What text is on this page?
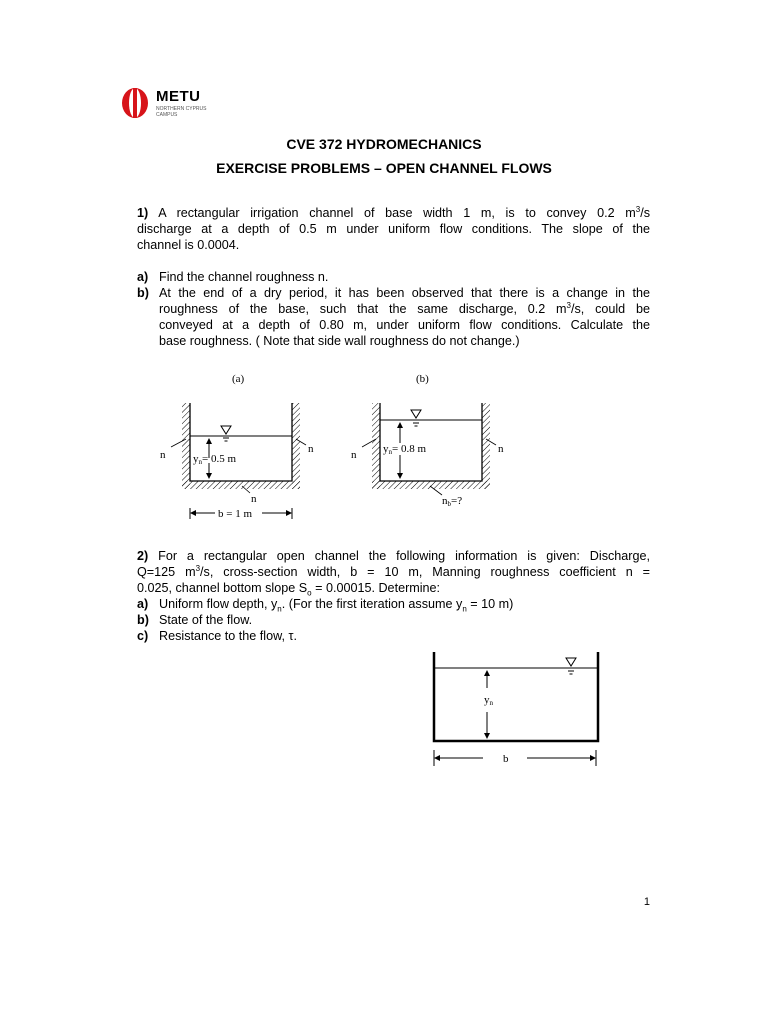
METU
NORTHERN CYPRUS
CAMPUS
CVE 372 HYDROMECHANICS
EXERCISE PROBLEMS – OPEN CHANNEL FLOWS
1) A rectangular irrigation channel of base width 1 m, is to convey 0.2 $m^3/s$
discharge at a depth of 0.5 m under uniform flow conditions. The slope of the
channel is 0.0004.
a) Find the channel roughness n.
b) At the end of a dry period, it has been observed that there is a change in the
roughness of the base, such that the same discharge, 0.2 $m^3/s$, could be
conveyed at a depth of 0.80 m, under uniform flow conditions. Calculate the
base roughness. ( Note that side wall roughness do not change.)
(a)	(b)
yn= 0.5 m
n	n
n
b = 1 m
yn= 0.8 m
n	n
nb=?
2) For a rectangular open channel the following information is given: Discharge,
Q=125 $m^3/s$, cross-section width, b = 10 m, Manning roughness coefficient n =
0.025, channel bottom slope $S_o = 0.00015$. Determine:
a) Uniform flow depth, $y_n$. (For the first iteration assume $y_n = 10$ m)
b) State of the flow.
c) Resistance to the flow, τ.
yn
b
1
